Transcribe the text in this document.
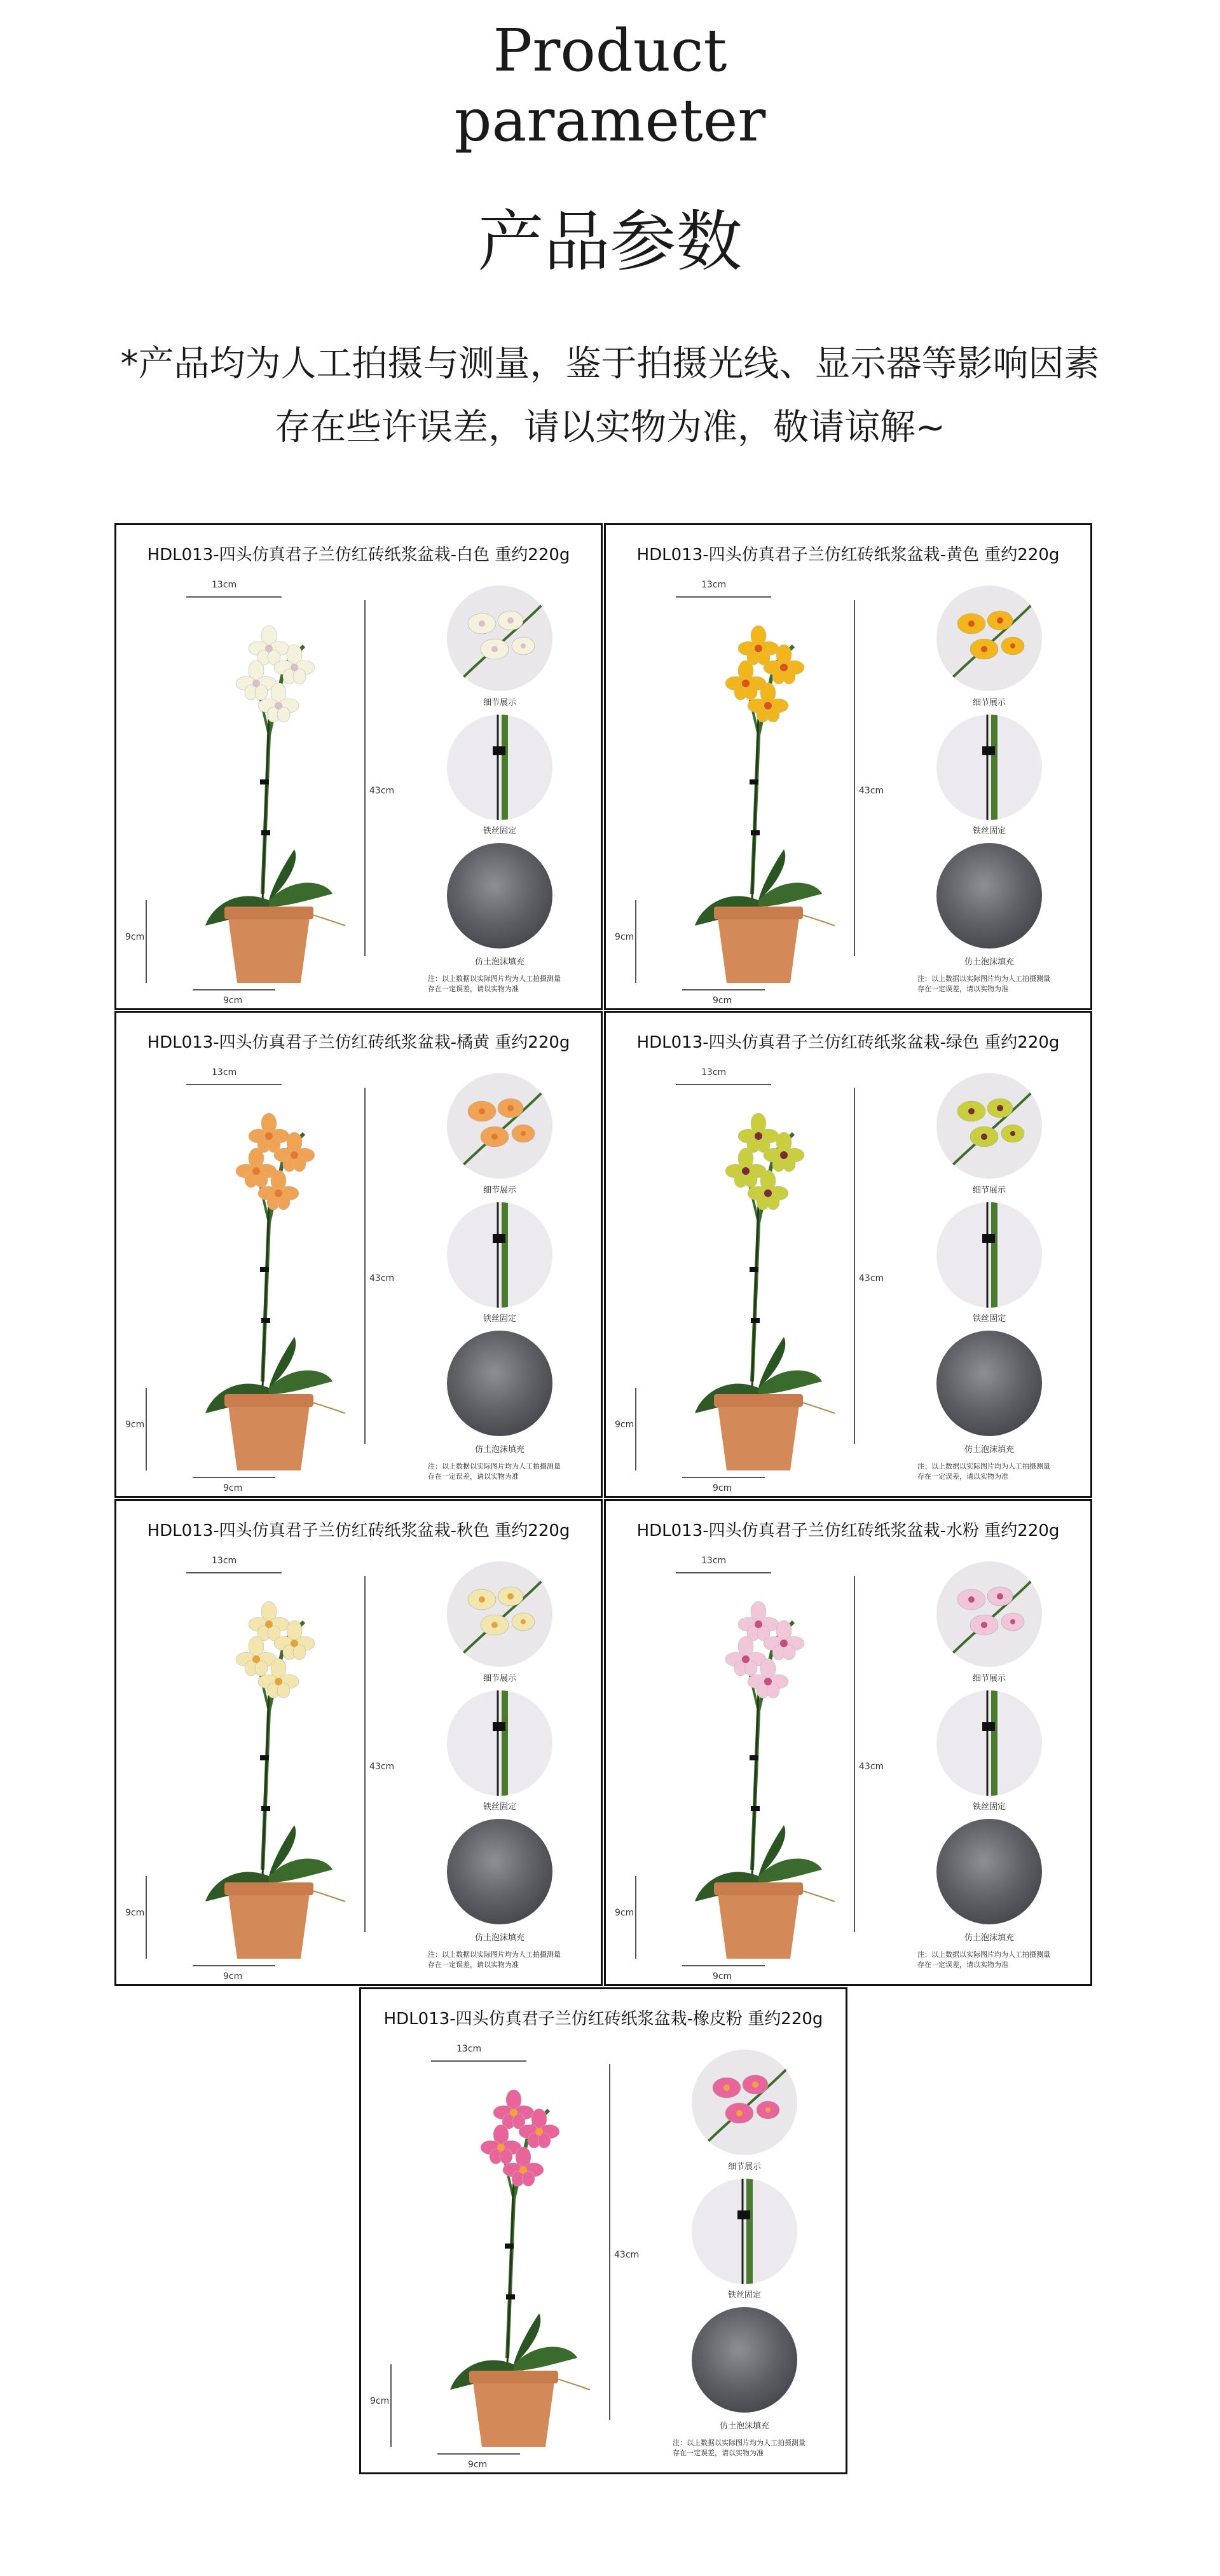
Product
parameter
产品参数
*产品均为人工拍摄与测量，鉴于拍摄光线、显示器等影响因素
存在些许误差，请以实物为准，敬请谅解~
HDL013-四头仿真君子兰仿红砖纸浆盆栽-白色 重约220g
13cm
43cm
9cm
9cm
细节展示
铁丝固定
仿土泡沫填充
注：以上数据以实际图片均为人工拍摄测量
存在一定误差，请以实物为准
HDL013-四头仿真君子兰仿红砖纸浆盆栽-黄色 重约220g
13cm
43cm
9cm
9cm
细节展示
铁丝固定
仿土泡沫填充
注：以上数据以实际图片均为人工拍摄测量
存在一定误差，请以实物为准
HDL013-四头仿真君子兰仿红砖纸浆盆栽-橘黄 重约220g
13cm
43cm
9cm
9cm
细节展示
铁丝固定
仿土泡沫填充
注：以上数据以实际图片均为人工拍摄测量
存在一定误差，请以实物为准
HDL013-四头仿真君子兰仿红砖纸浆盆栽-绿色 重约220g
13cm
43cm
9cm
9cm
细节展示
铁丝固定
仿土泡沫填充
注：以上数据以实际图片均为人工拍摄测量
存在一定误差，请以实物为准
HDL013-四头仿真君子兰仿红砖纸浆盆栽-秋色 重约220g
13cm
43cm
9cm
9cm
细节展示
铁丝固定
仿土泡沫填充
注：以上数据以实际图片均为人工拍摄测量
存在一定误差，请以实物为准
HDL013-四头仿真君子兰仿红砖纸浆盆栽-水粉 重约220g
13cm
43cm
9cm
9cm
细节展示
铁丝固定
仿土泡沫填充
注：以上数据以实际图片均为人工拍摄测量
存在一定误差，请以实物为准
HDL013-四头仿真君子兰仿红砖纸浆盆栽-橡皮粉 重约220g
13cm
43cm
9cm
9cm
细节展示
铁丝固定
仿土泡沫填充
注：以上数据以实际图片均为人工拍摄测量
存在一定误差，请以实物为准
